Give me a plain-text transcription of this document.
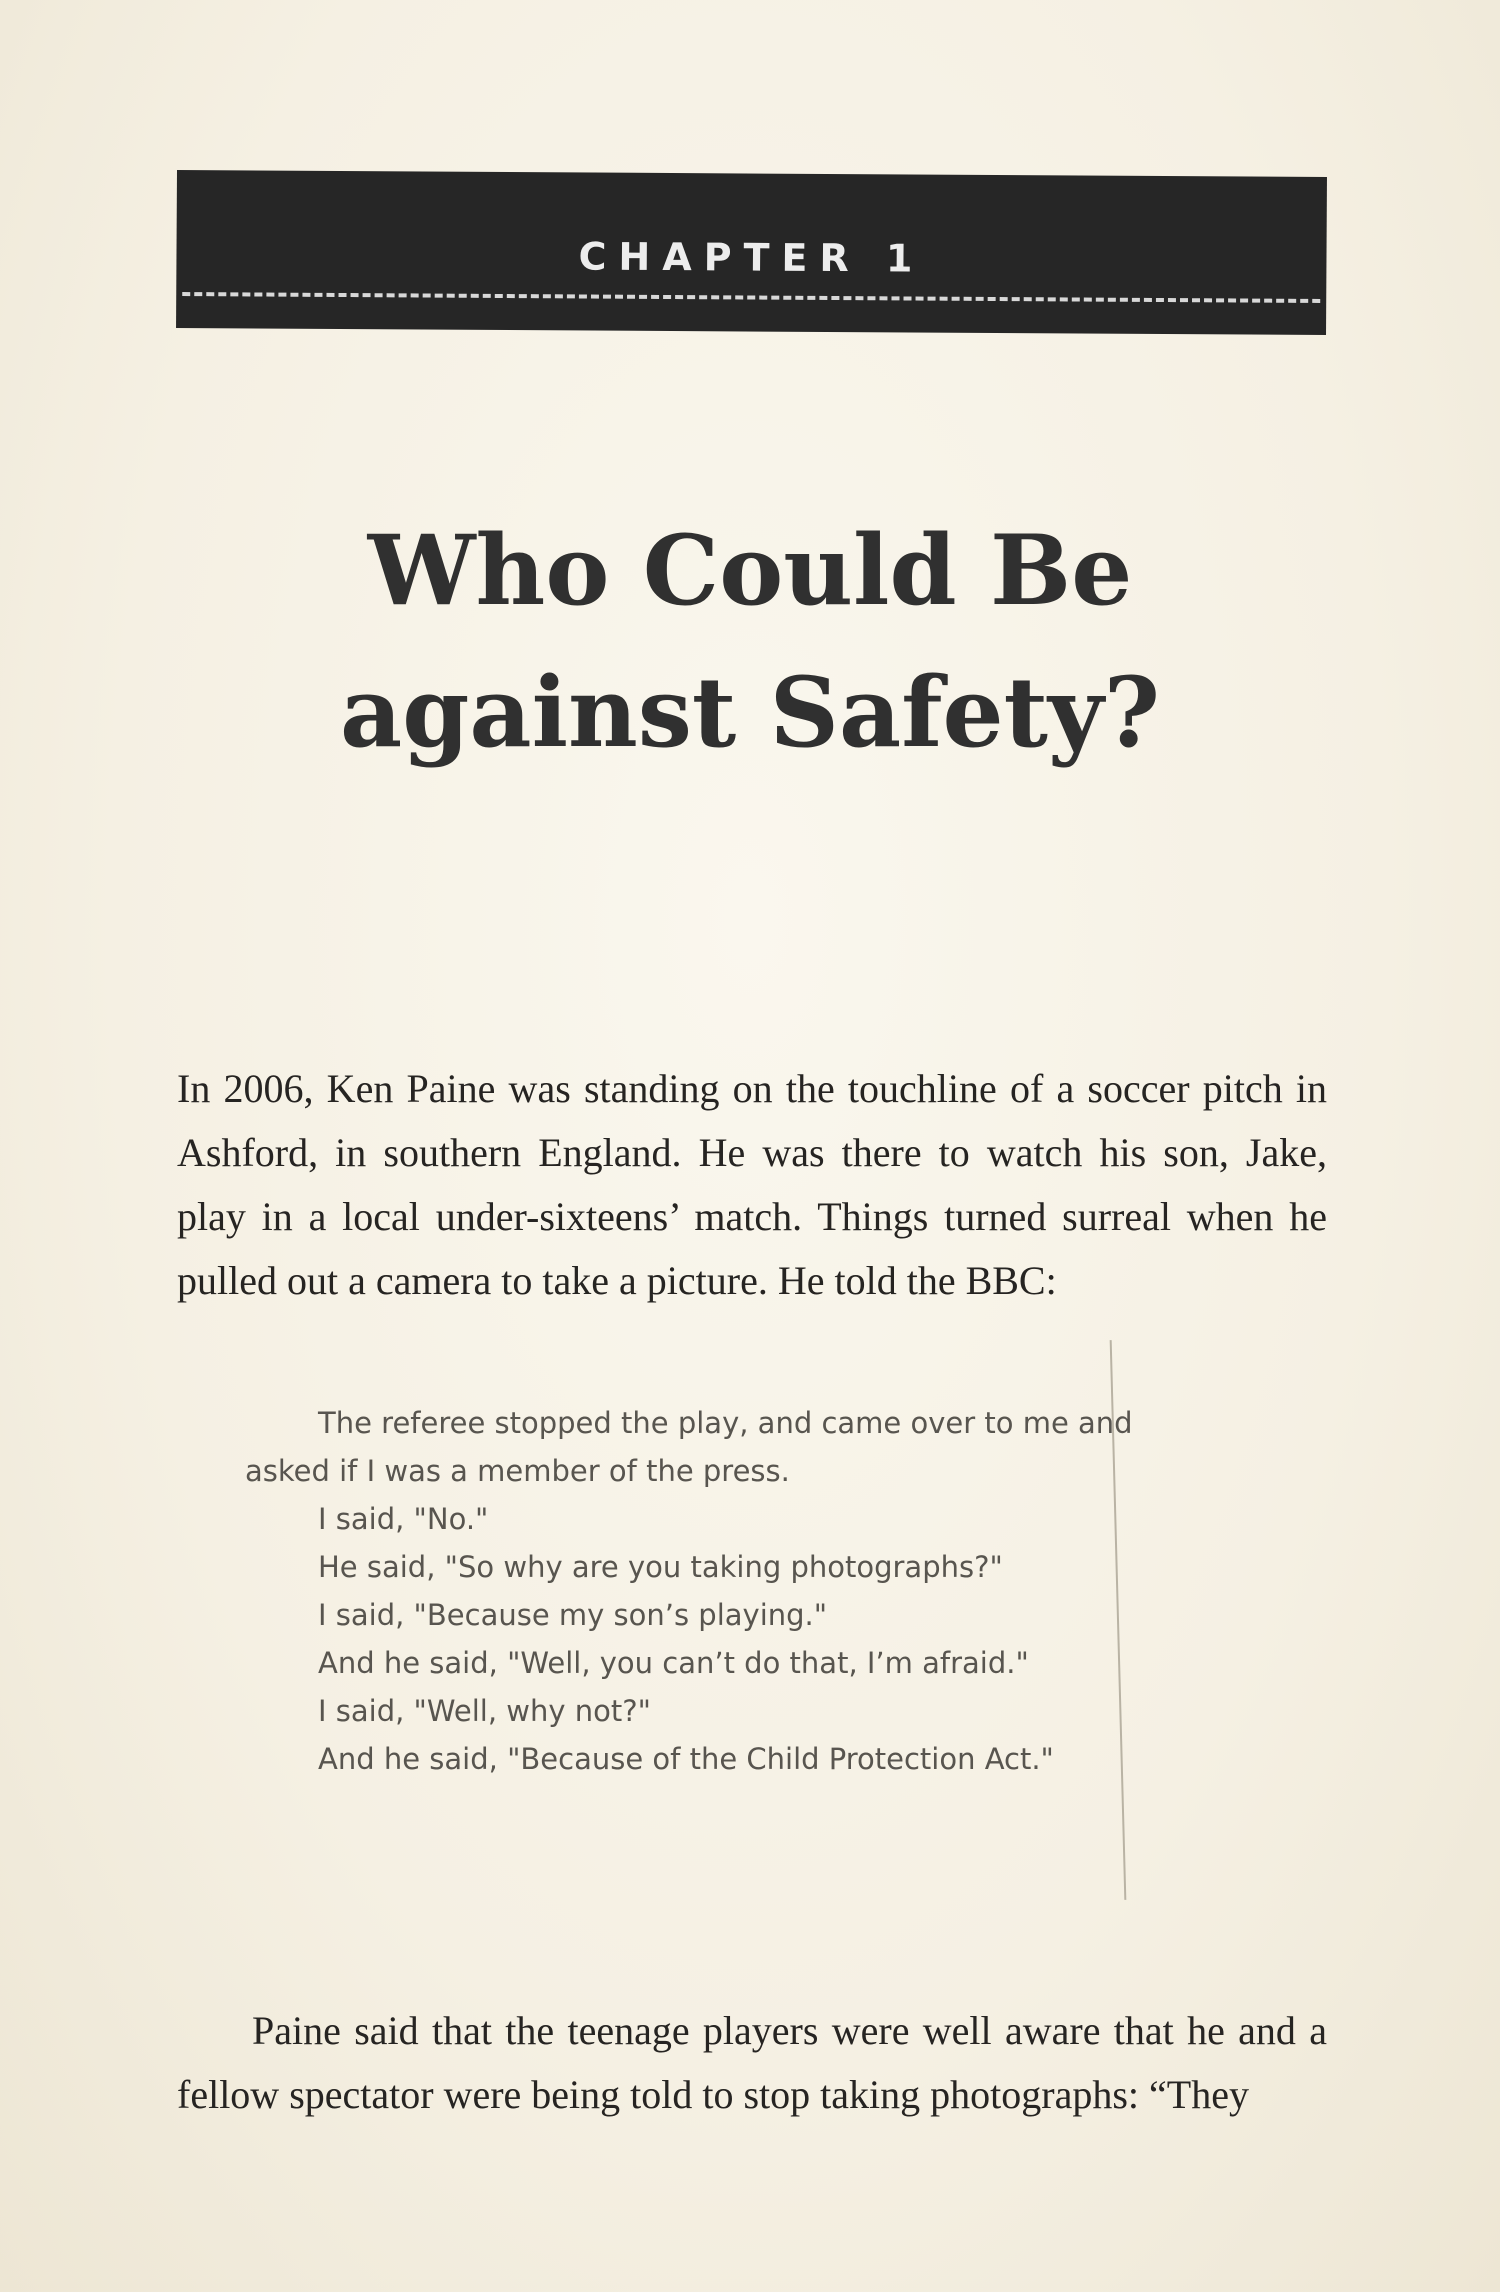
CHAPTER 1
Who Could Be
against Safety?

In 2006, Ken Paine was standing on the touchline of a soccer pitch in Ashford, in southern England. He was there to watch his son, Jake, play in a local under-sixteens’ match. Things turned surreal when he pulled out a camera to take a picture. He told the BBC:

The referee stopped the play, and came over to me and
asked if I was a member of the press.
I said, "No."
He said, "So why are you taking photographs?"
I said, "Because my son’s playing."
And he said, "Well, you can’t do that, I’m afraid."
I said, "Well, why not?"
And he said, "Because of the Child Protection Act."

Paine said that the teenage players were well aware that he and a fellow spectator were being told to stop taking photographs: “They
